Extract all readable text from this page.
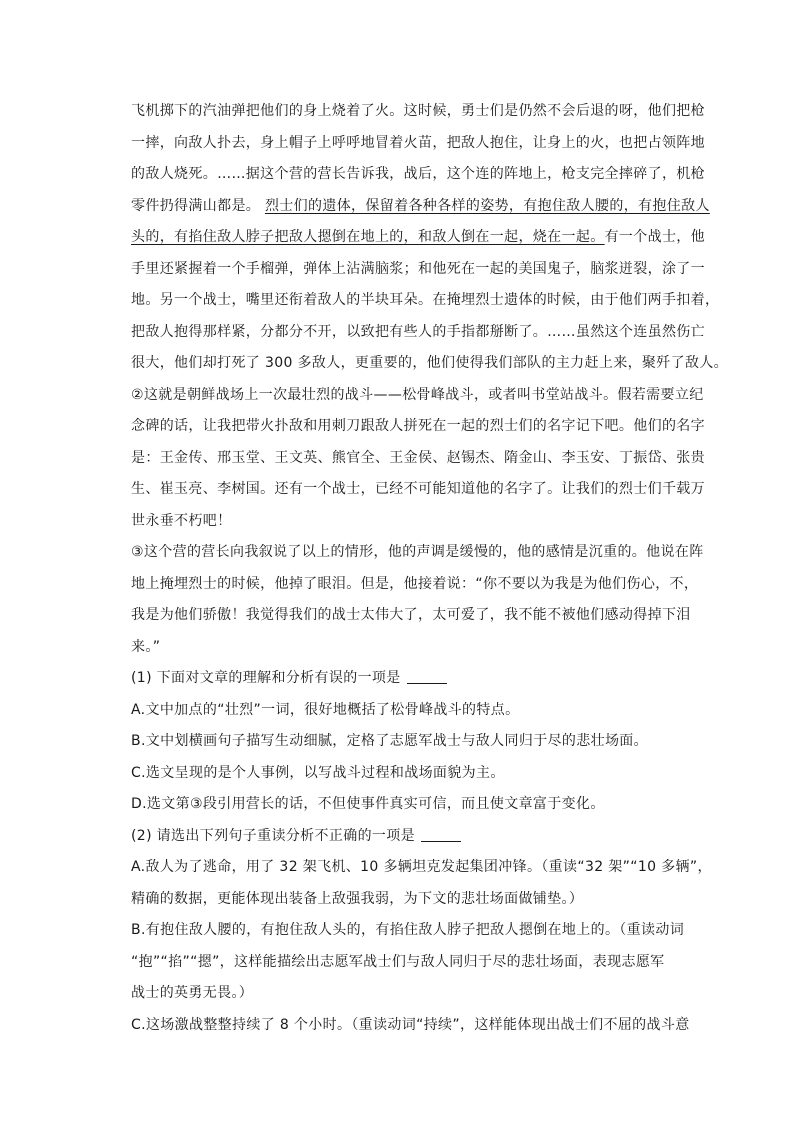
飞机掷下的汽油弹把他们的身上烧着了火。这时候，勇士们是仍然不会后退的呀，他们把枪
一摔，向敌人扑去，身上帽子上呼呼地冒着火苗，把敌人抱住，让身上的火，也把占领阵地
的敌人烧死。……据这个营的营长告诉我，战后，这个连的阵地上，枪支完全摔碎了，机枪
零件扔得满山都是。 烈士们的遗体，保留着各种各样的姿势，有抱住敌人腰的，有抱住敌人
头的，有掐住敌人脖子把敌人摁倒在地上的，和敌人倒在一起，烧在一起。有一个战士，他
手里还紧握着一个手榴弹，弹体上沾满脑浆；和他死在一起的美国鬼子，脑浆迸裂，涂了一
地。另一个战士，嘴里还衔着敌人的半块耳朵。在掩埋烈士遗体的时候，由于他们两手扣着，
把敌人抱得那样紧，分都分不开，以致把有些人的手指都掰断了。……虽然这个连虽然伤亡
很大，他们却打死了 300 多敌人，更重要的，他们使得我们部队的主力赶上来，聚歼了敌人。
②这就是朝鲜战场上一次最壮烈的战斗——松骨峰战斗，或者叫书堂站战斗。假若需要立纪
念碑的话，让我把带火扑敌和用刺刀跟敌人拼死在一起的烈士们的名字记下吧。他们的名字
是：王金传、邢玉堂、王文英、熊官全、王金侯、赵锡杰、隋金山、李玉安、丁振岱、张贵
生、崔玉亮、李树国。还有一个战士，已经不可能知道他的名字了。让我们的烈士们千载万
世永垂不朽吧！
③这个营的营长向我叙说了以上的情形，他的声调是缓慢的，他的感情是沉重的。他说在阵
地上掩埋烈士的时候，他掉了眼泪。但是，他接着说：“你不要以为我是为他们伤心，不，
我是为他们骄傲！我觉得我们的战士太伟大了，太可爱了，我不能不被他们感动得掉下泪
来。”
(1) 下面对文章的理解和分析有误的一项是
A.文中加点的“壮烈”一词，很好地概括了松骨峰战斗的特点。
B.文中划横画句子描写生动细腻，定格了志愿军战士与敌人同归于尽的悲壮场面。
C.选文呈现的是个人事例，以写战斗过程和战场面貌为主。
D.选文第③段引用营长的话，不但使事件真实可信，而且使文章富于变化。
(2) 请选出下列句子重读分析不正确的一项是
A.敌人为了逃命，用了 32 架飞机、10 多辆坦克发起集团冲锋。（重读“32 架”“10 多辆”，
精确的数据，更能体现出装备上敌强我弱，为下文的悲壮场面做铺垫。）
B.有抱住敌人腰的，有抱住敌人头的，有掐住敌人脖子把敌人摁倒在地上的。（重读动词
“抱”“掐”“摁”，这样能描绘出志愿军战士们与敌人同归于尽的悲壮场面，表现志愿军
战士的英勇无畏。）
C.这场激战整整持续了 8 个小时。（重读动词“持续”，这样能体现出战士们不屈的战斗意
